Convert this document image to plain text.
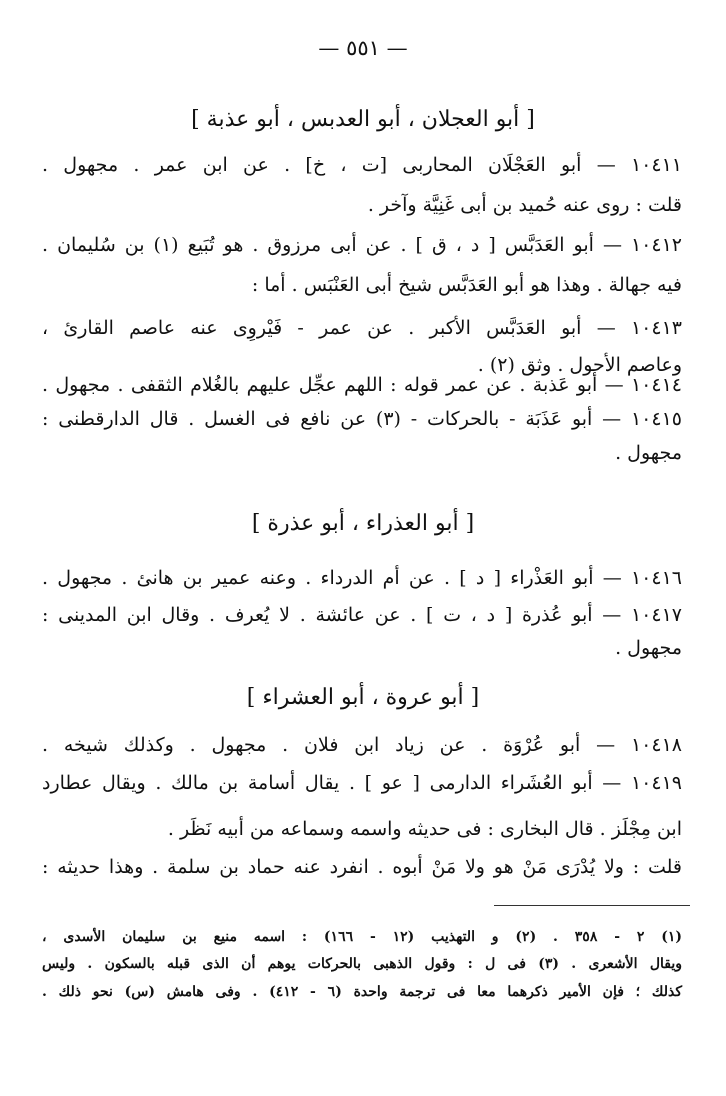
— ٥٥١ —
[ أبو العجلان ، أبو العدبس ، أبو عذبة ]
١٠٤١١ — أبو العَجْلَان المحاربى [ت ، خ] . عن ابن عمر . مجهول .
قلت : روى عنه حُميد بن أبى غَنِيَّة وآخر .
١٠٤١٢ — أبو العَدَبَّس [ د ، ق ] . عن أبى مرزوق . هو تُبَيع (١) بن سُليمان .
فيه جهالة . وهذا هو أبو العَدَبَّس شيخ أبى العَنْبَس . أما :
١٠٤١٣ — أبو العَدَبَّس الأكبر . عن عمر - فَيْروِى عنه عاصم القارئ ،
وعاصم الأحول . وثق (٢) .
١٠٤١٤ — أبو عَذبة . عن عمر قوله : اللهم عجِّل عليهم بالغُلام الثقفى . مجهول .
١٠٤١٥ — أبو عَذَبَة - بالحركات - (٣) عن نافع فى الغسل . قال الدارقطنى :
مجهول .
[ أبو العذراء ، أبو عذرة ]
١٠٤١٦ — أبو العَذْراء [ د ] . عن أم الدرداء . وعنه عمير بن هانئ . مجهول .
١٠٤١٧ — أبو عُذرة [ د ، ت ] . عن عائشة . لا يُعرف . وقال ابن المدينى :
مجهول .
[ أبو عروة ، أبو العشراء ]
١٠٤١٨ — أبو عُرْوَة . عن زياد ابن فلان . مجهول . وكذلك شيخه .
١٠٤١٩ — أبو العُشَراء الدارمى [ عو ] . يقال أسامة بن مالك . ويقال عطارد
ابن مِجْلَز . قال البخارى : فى حديثه واسمه وسماعه من أبيه نَظَر .
قلت : ولا يُدْرَى مَنْ هو ولا مَنْ أبوه . انفرد عنه حماد بن سلمة . وهذا حديثه :
(١) ٢ - ٣٥٨ . (٢) و التهذيب (١٢ - ١٦٦) : اسمه منيع بن سليمان الأسدى ،
ويقال الأشعرى . (٣) فى ل : وقول الذهبى بالحركات يوهم أن الذى قبله بالسكون . وليس
كذلك ؛ فإن الأمير ذكرهما معا فى ترجمة واحدة (٦ - ٤١٢) . وفى هامش (س) نحو ذلك .
